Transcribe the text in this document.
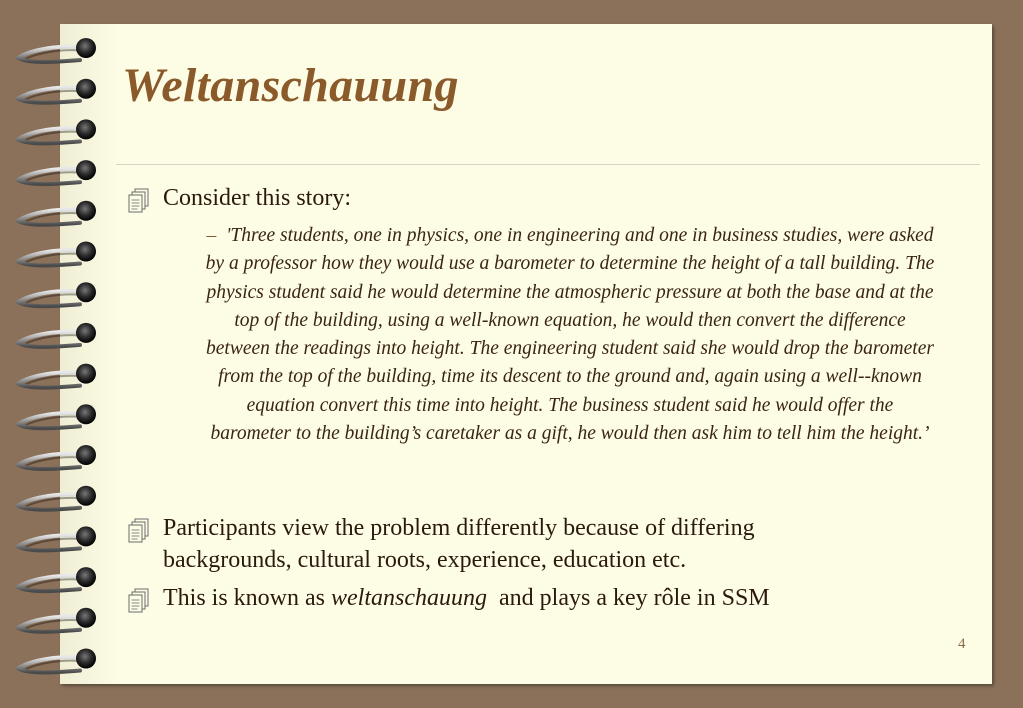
Weltanschauung
Consider this story:
– 'Three students, one in physics, one in engineering and one in business studies, were asked by a professor how they would use a barometer to determine the height of a tall building. The physics student said he would determine the atmospheric pressure at both the base and at the top of the building, using a well-known equation, he would then convert the difference between the readings into height. The engineering student said she would drop the barometer from the top of the building, time its descent to the ground and, again using a well--known equation convert this time into height. The business student said he would offer the barometer to the building’s caretaker as a gift, he would then ask him to tell him the height.’
Participants view the problem differently because of differing backgrounds, cultural roots, experience, education etc.
This is known as weltanschauung  and plays a key rôle in SSM
4
